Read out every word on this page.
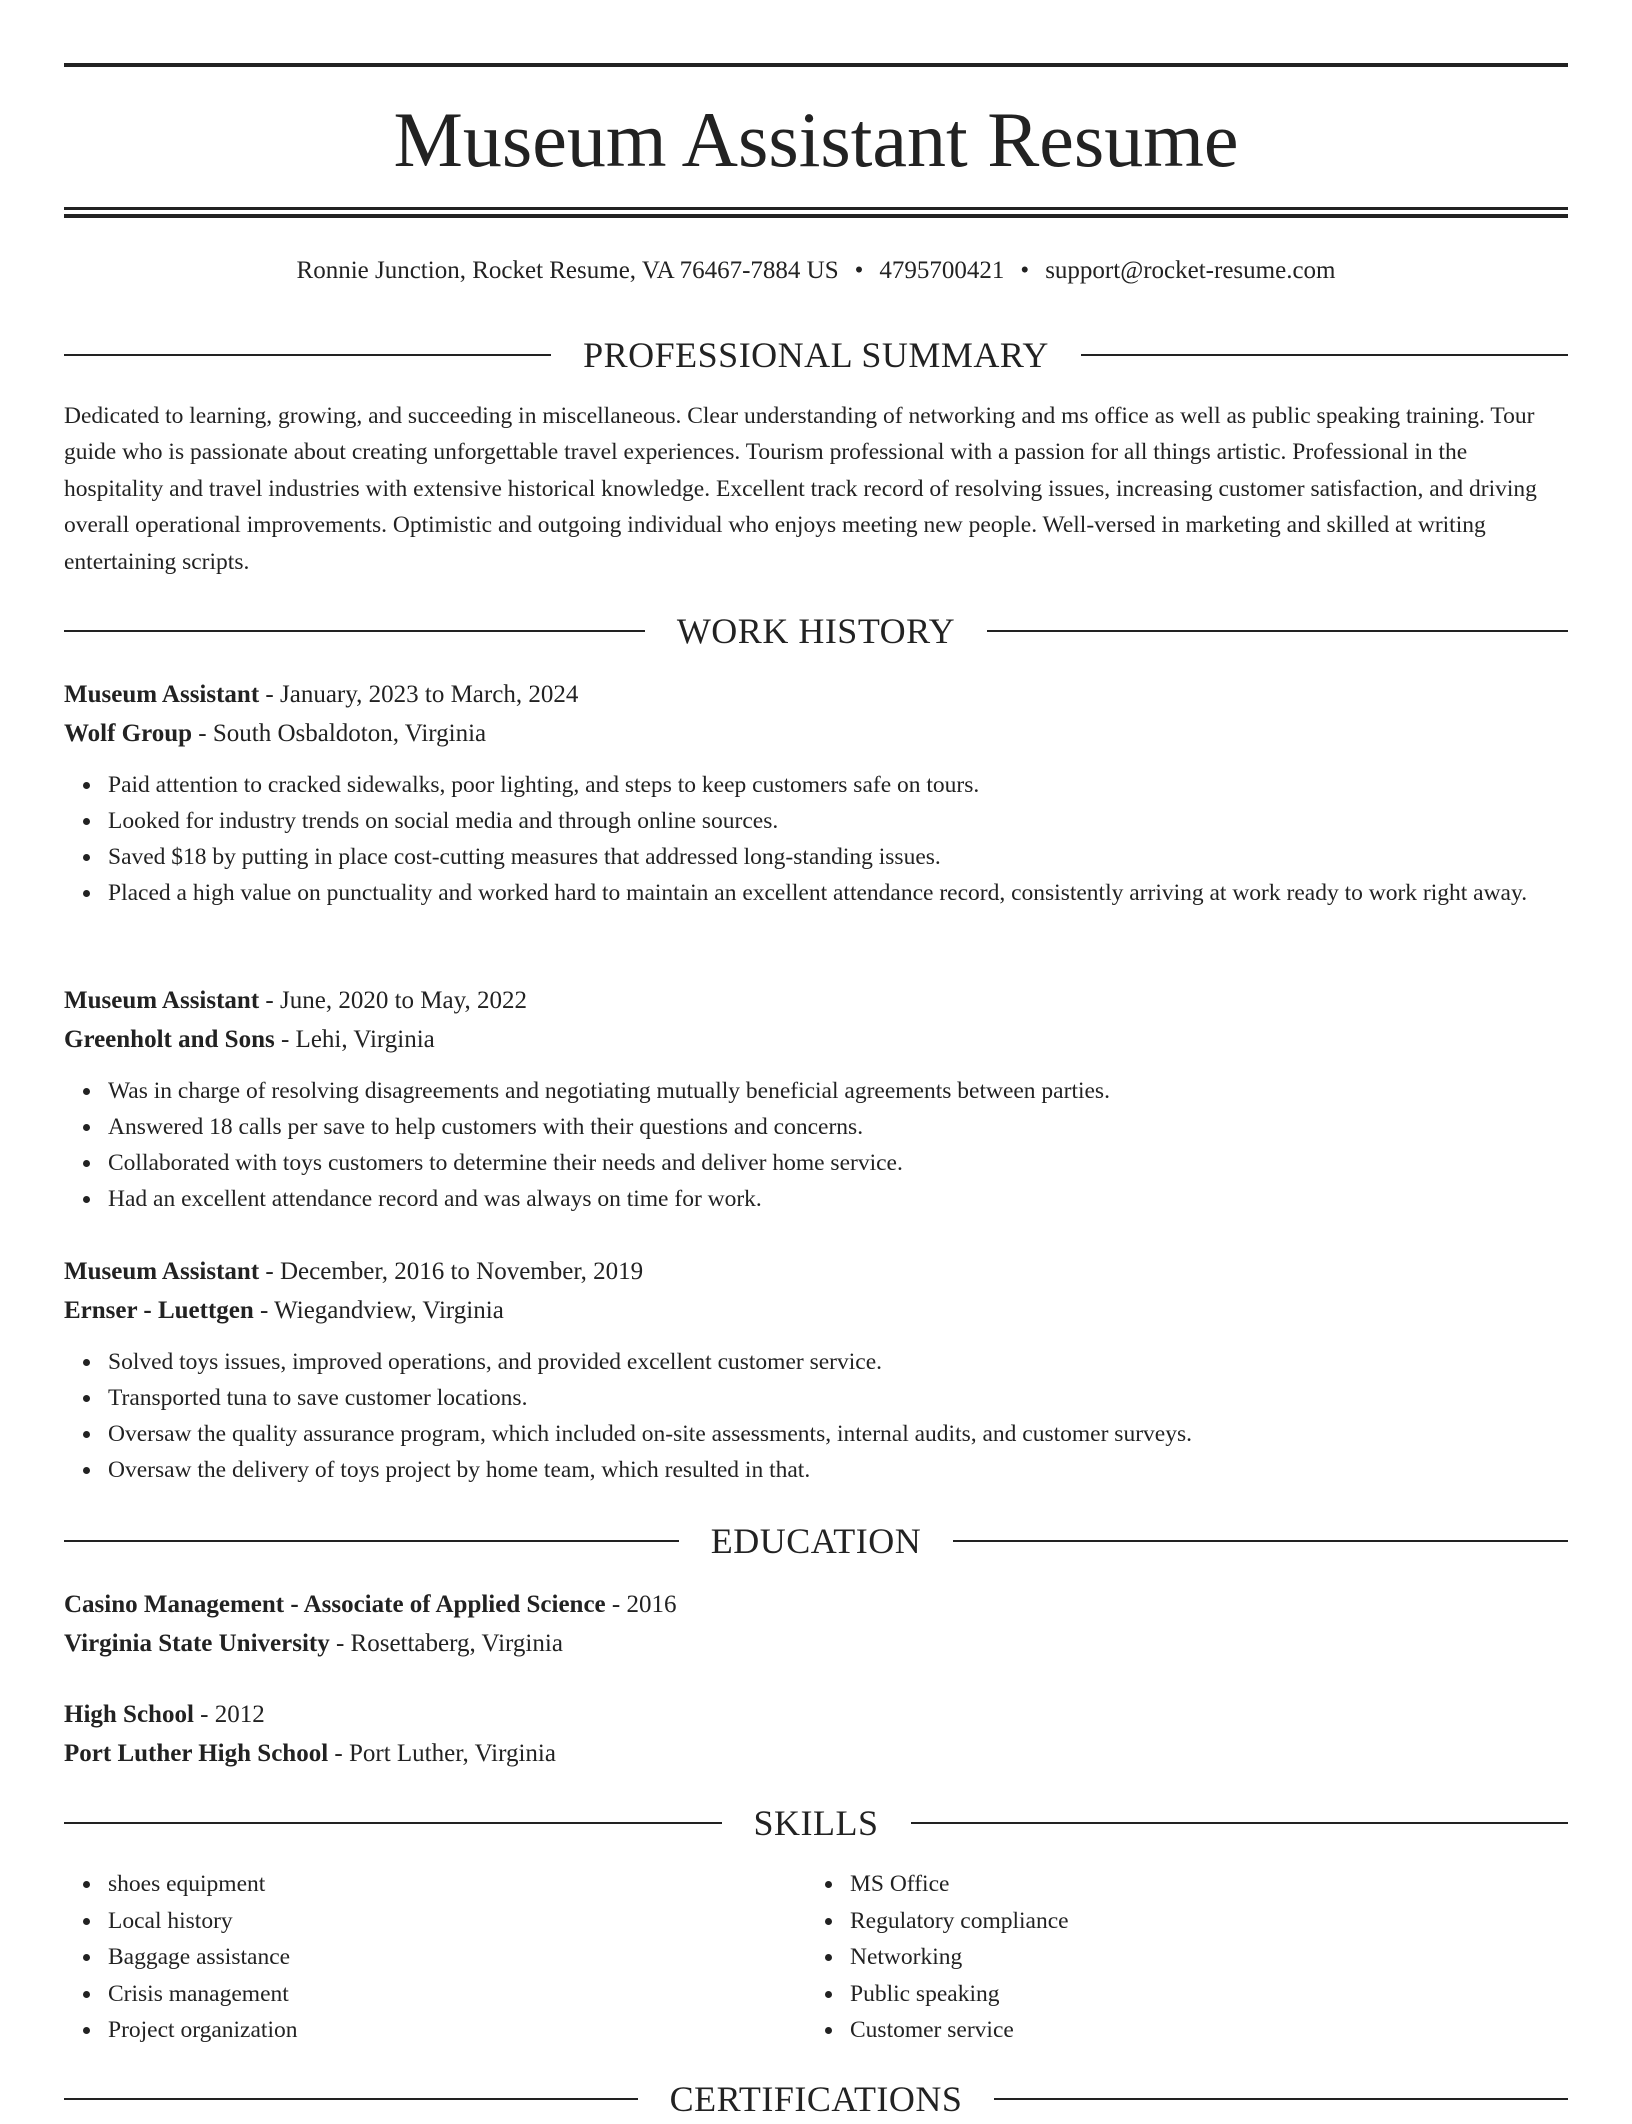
Museum Assistant Resume
Ronnie Junction, Rocket Resume, VA 76467-7884 US • 4795700421 • support@rocket-resume.com
PROFESSIONAL SUMMARY
Dedicated to learning, growing, and succeeding in miscellaneous. Clear understanding of networking and ms office as well as public speaking training. Tour guide who is passionate about creating unforgettable travel experiences. Tourism professional with a passion for all things artistic. Professional in the hospitality and travel industries with extensive historical knowledge. Excellent track record of resolving issues, increasing customer satisfaction, and driving overall operational improvements. Optimistic and outgoing individual who enjoys meeting new people. Well-versed in marketing and skilled at writing entertaining scripts.
WORK HISTORY
Museum Assistant - January, 2023 to March, 2024
Wolf Group - South Osbaldoton, Virginia
Paid attention to cracked sidewalks, poor lighting, and steps to keep customers safe on tours.
Looked for industry trends on social media and through online sources.
Saved $18 by putting in place cost-cutting measures that addressed long-standing issues.
Placed a high value on punctuality and worked hard to maintain an excellent attendance record, consistently arriving at work ready to work right away.
Museum Assistant - June, 2020 to May, 2022
Greenholt and Sons - Lehi, Virginia
Was in charge of resolving disagreements and negotiating mutually beneficial agreements between parties.
Answered 18 calls per save to help customers with their questions and concerns.
Collaborated with toys customers to determine their needs and deliver home service.
Had an excellent attendance record and was always on time for work.
Museum Assistant - December, 2016 to November, 2019
Ernser - Luettgen - Wiegandview, Virginia
Solved toys issues, improved operations, and provided excellent customer service.
Transported tuna to save customer locations.
Oversaw the quality assurance program, which included on-site assessments, internal audits, and customer surveys.
Oversaw the delivery of toys project by home team, which resulted in that.
EDUCATION
Casino Management - Associate of Applied Science - 2016
Virginia State University - Rosettaberg, Virginia
High School - 2012
Port Luther High School - Port Luther, Virginia
SKILLS
shoes equipment
Local history
Baggage assistance
Crisis management
Project organization
MS Office
Regulatory compliance
Networking
Public speaking
Customer service
CERTIFICATIONS
